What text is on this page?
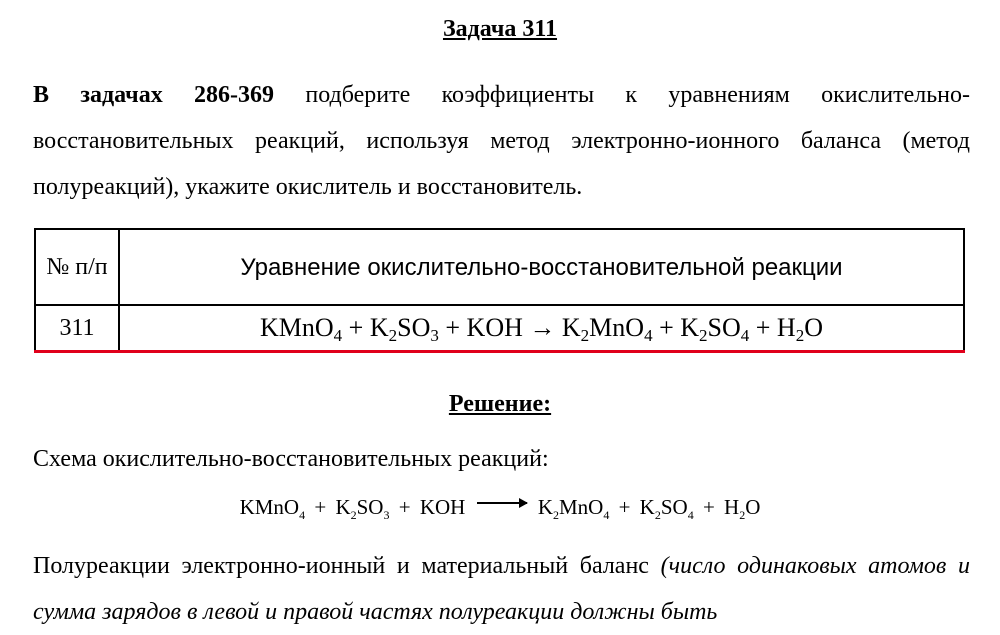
Задача 311
В задачах 286-369 подберите коэффициенты к уравнениям окислительно-восстановительных реакций, используя метод электронно-ионного баланса (метод полуреакций), укажите окислитель и восстановитель.
№ п/п	Уравнение окислительно-восстановительной реакции
311	KMnO$_4$ + $K_2SO_3$ + KOH → $K_2MnO_4 + K_2SO_4 + H_2O$
Решение:
Схема окислительно-восстановительных реакций:
KMnO$_4$ + $K_2SO_3$ + KOH → $K_2MnO_4 + K_2SO_4 + H_2O$
Полуреакции электронно-ионный и материальный баланс (число одинаковых атомов и сумма зарядов в левой и правой частях полуреакции должны быть
